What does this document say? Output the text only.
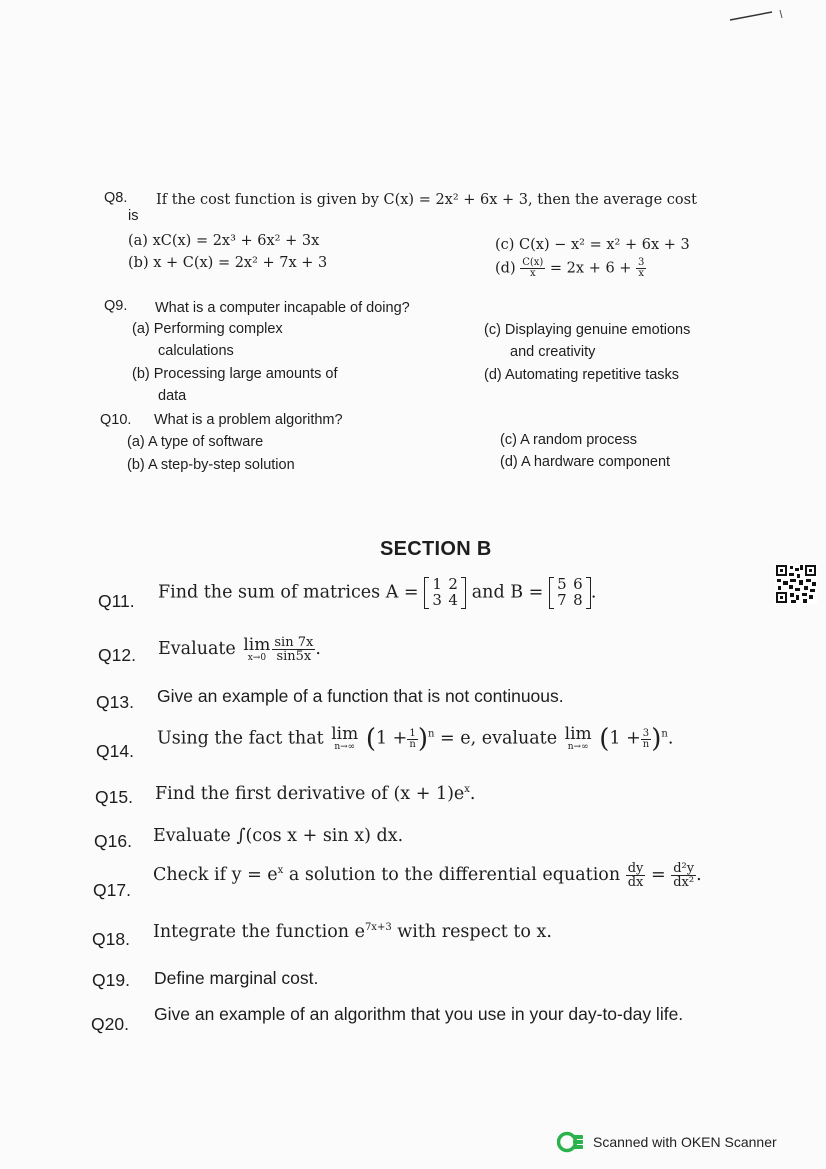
Q8. If the cost function is given by C(x) = 2x² + 6x + 3, then the average cost
is
(a) xC(x) = 2x³ + 6x² + 3x
(b) x + C(x) = 2x² + 7x + 3
(c) C(x) − x² = x² + 6x + 3
$(d) \frac{C(x)}{x} = 2x + 6 + \frac{3}{x}$
Q9. What is a computer incapable of doing?
(a) Performing complex
calculations
(b) Processing large amounts of
data
(c) Displaying genuine emotions
and creativity
(d) Automating repetitive tasks
Q10. What is a problem algorithm?
(a) A type of software
(b) A step-by-step solution
(c) A random process
(d) A hardware component
SECTION B
Q11. Find the sum of matrices A = 1 2
3 4 and B = 5 6
7 8 .
Q12. Evaluate lim
$x\to 0 \frac{\sin 7x}{\sin 5x}$ .
Q13. Give an example of a function that is not continuous.
Q14.
Using the fact that lim
n→∞ $(1 + \frac{1}{n} )^n = e$, evaluate lim
n→∞ $(1 + \frac{3}{n} )^n$.
Q15. Find the first derivative of $(x + 1)e^x$.
Q16. Evaluate ∫(cos x + sin x) dx.
Q17.
Check if $y = e^x$ a solution to the differential equation $\frac{dy}{dx} = \frac{\text{d²y}}{\text{dx²}}$ .
Q18. Integrate the function $e^{7x+3}$ with respect to x.
Q19. Define marginal cost.
Q20. Give an example of an algorithm that you use in your day-to-day life.
Scanned with OKEN Scanner
